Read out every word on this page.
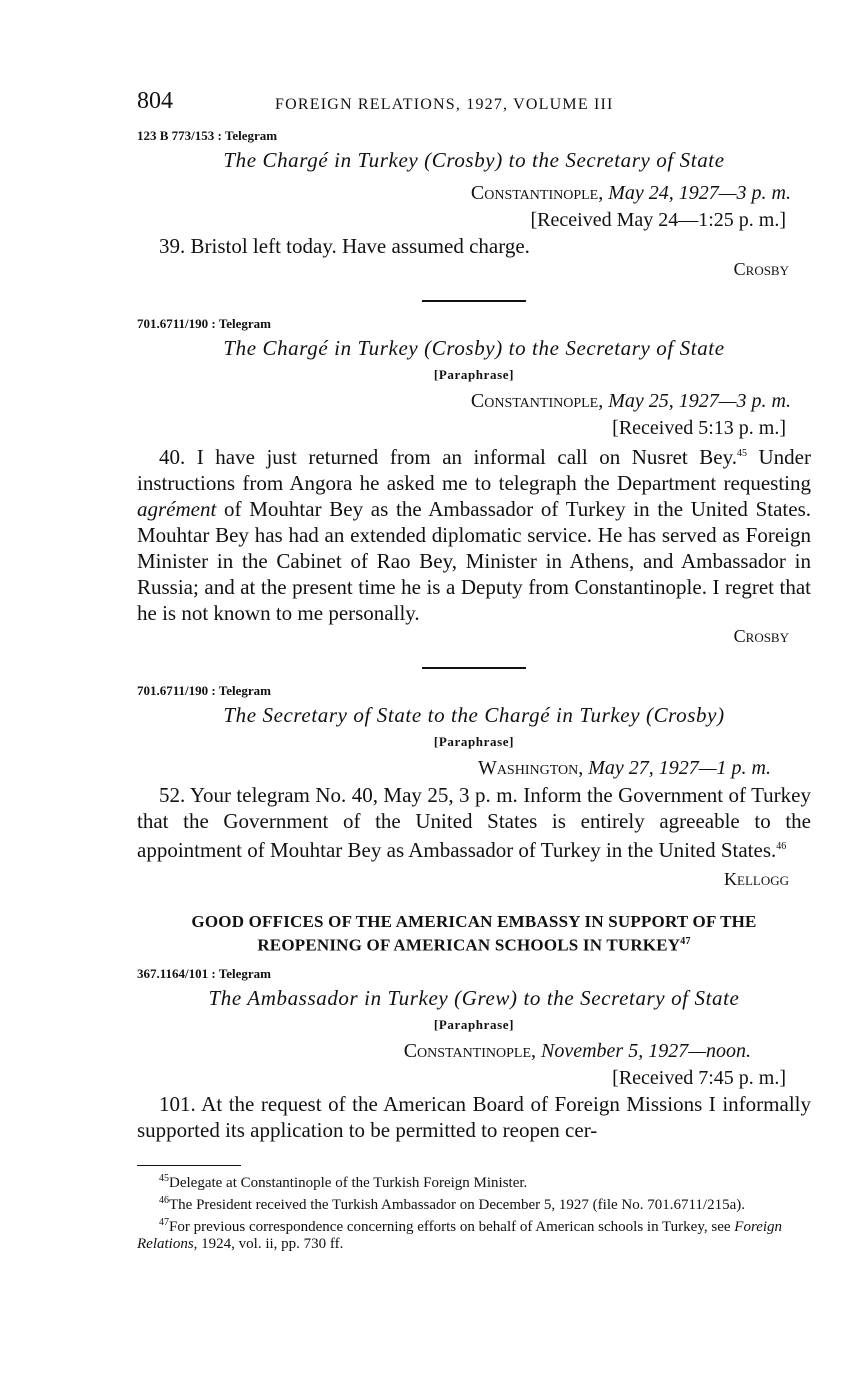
804	FOREIGN RELATIONS, 1927, VOLUME III

123 B 773/153 : Telegram

The Chargé in Turkey (Crosby) to the Secretary of State

Constantinople, May 24, 1927—3 p. m.

[Received May 24—1:25 p. m.]

39. Bristol left today. Have assumed charge.

Crosby

701.6711/190 : Telegram

The Chargé in Turkey (Crosby) to the Secretary of State

[Paraphrase]

Constantinople, May 25, 1927—3 p. m.

[Received 5:13 p. m.]

40. I have just returned from an informal call on Nusret Bey.$^{45}$ Under instructions from Angora he asked me to telegraph the Department requesting agrément of Mouhtar Bey as the Ambassador of Turkey in the United States. Mouhtar Bey has had an extended diplomatic service. He has served as Foreign Minister in the Cabinet of Rao Bey, Minister in Athens, and Ambassador in Russia; and at the present time he is a Deputy from Constantinople. I regret that he is not known to me personally.

Crosby

701.6711/190 : Telegram

The Secretary of State to the Chargé in Turkey (Crosby)

[Paraphrase]

Washington, May 27, 1927—1 p. m.

52. Your telegram No. 40, May 25, 3 p. m. Inform the Government of Turkey that the Government of the United States is entirely agreeable to the appointment of Mouhtar Bey as Ambassador of Turkey in the United States.$^{46}$

Kellogg

GOOD OFFICES OF THE AMERICAN EMBASSY IN SUPPORT OF THE REOPENING OF AMERICAN SCHOOLS IN TURKEY$^{47}$

367.1164/101 : Telegram

The Ambassador in Turkey (Grew) to the Secretary of State

[Paraphrase]

Constantinople, November 5, 1927—noon.

[Received 7:45 p. m.]

101. At the request of the American Board of Foreign Missions I informally supported its application to be permitted to reopen cer-

$^{45}$Delegate at Constantinople of the Turkish Foreign Minister.

$^{46}$The President received the Turkish Ambassador on December 5, 1927 (file No. 701.6711/215a).

$^{47}$For previous correspondence concerning efforts on behalf of American schools in Turkey, see Foreign Relations, 1924, vol. ii, pp. 730 ff.
